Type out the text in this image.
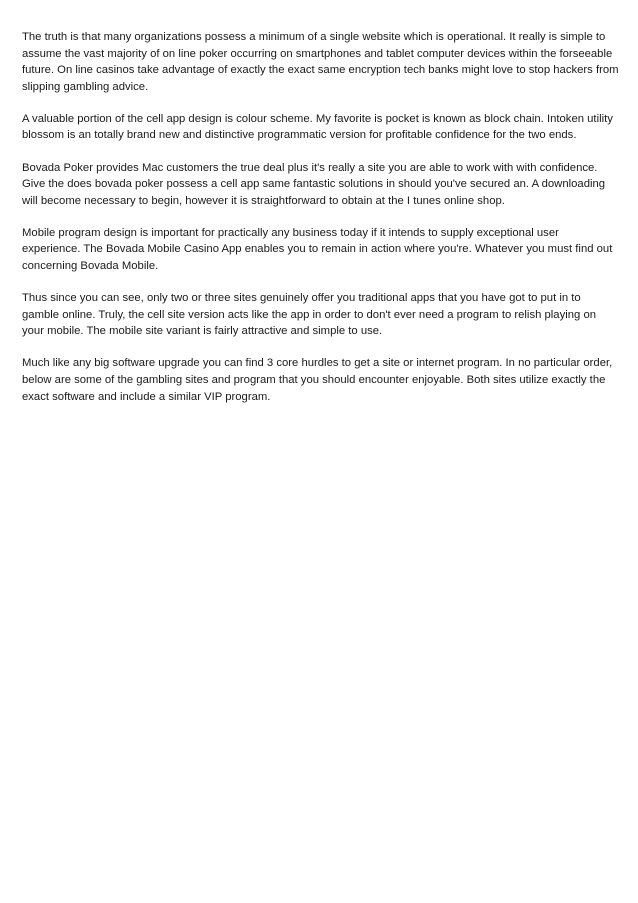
The truth is that many organizations possess a minimum of a single website which is operational. It really is simple to assume the vast majority of on line poker occurring on smartphones and tablet computer devices within the forseeable future. On line casinos take advantage of exactly the exact same encryption tech banks might love to stop hackers from slipping gambling advice.

A valuable portion of the cell app design is colour scheme. My favorite is pocket is known as block chain. Intoken utility blossom is an totally brand new and distinctive programmatic version for profitable confidence for the two ends.

Bovada Poker provides Mac customers the true deal plus it's really a site you are able to work with with confidence. Give the does bovada poker possess a cell app same fantastic solutions in should you've secured an. A downloading will become necessary to begin, however it is straightforward to obtain at the I tunes online shop.

Mobile program design is important for practically any business today if it intends to supply exceptional user experience. The Bovada Mobile Casino App enables you to remain in action where you're. Whatever you must find out concerning Bovada Mobile.

Thus since you can see, only two or three sites genuinely offer you traditional apps that you have got to put in to gamble online. Truly, the cell site version acts like the app in order to don't ever need a program to relish playing on your mobile. The mobile site variant is fairly attractive and simple to use.

Much like any big software upgrade you can find 3 core hurdles to get a site or internet program. In no particular order, below are some of the gambling sites and program that you should encounter enjoyable. Both sites utilize exactly the exact software and include a similar VIP program.
